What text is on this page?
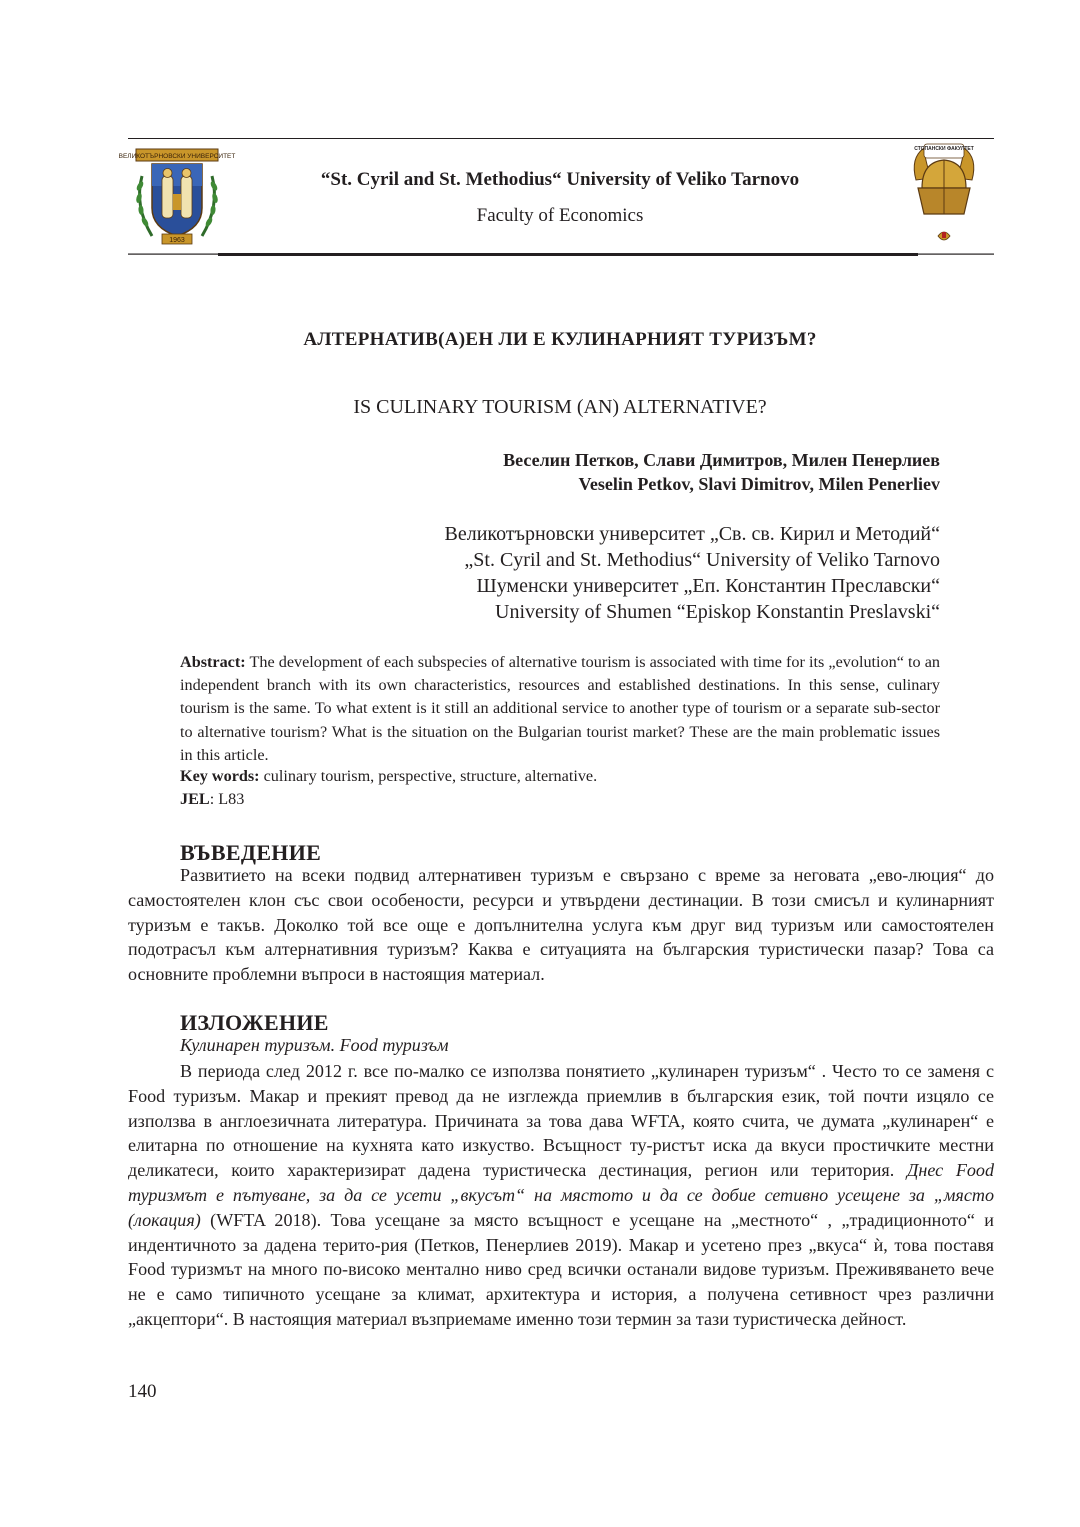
ВЕЛИКОТЪРНОВСКИ УНИВЕРСИТЕТ
1963
“St. Cyril and St. Methodius“ University of Veliko Tarnovo
Faculty of Economics
СТОПАНСКИ ФАКУЛТЕТ
АЛТЕРНАТИВ(А)ЕН ЛИ Е КУЛИНАРНИЯТ ТУРИЗЪМ?
IS CULINARY TOURISM (AN) ALTERNATIVE?
Веселин Петков, Слави Димитров, Милен Пенерлиев
Veselin Petkov, Slavi Dimitrov, Milen Penerliev
Великотърновски университет „Св. св. Кирил и Методий“
„St. Cyril and St. Methodius“ University of Veliko Tarnovo
Шуменски университет „Еп. Константин Преславски“
University of Shumen “Episkop Konstantin Preslavski“
Abstract: The development of each subspecies of alternative tourism is associated with time for its „evolution“ to an independent branch with its own characteristics, resources and established destinations. In this sense, culinary tourism is the same. To what extent is it still an additional service to another type of tourism or a separate sub-sector to alternative tourism? What is the situation on the Bulgarian tourist market? These are the main problematic issues in this article.
Key words: culinary tourism, perspective, structure, alternative.
JEL: L83
ВЪВЕДЕНИЕ

Развитието на всеки подвид алтернативен туризъм е свързано с време за неговата „ево-люция“ до самостоятелен клон със свои особености, ресурси и утвърдени дестинации. В този смисъл и кулинарният туризъм е такъв. Доколко той все още е допълнителна услуга към друг вид туризъм или самостоятелен подотрасъл към алтернативния туризъм? Каква е ситуацията на българския туристически пазар? Това са основните проблемни въпроси в настоящия материал.

ИЗЛОЖЕНИЕ
Кулинарен туризъм. Food туризъм

В периода след 2012 г. все по-малко се използва понятието „кулинарен туризъм“ . Често то се заменя с Food туризъм. Макар и прекият превод да не изглежда приемлив в българския език, той почти изцяло се използва в англоезичната литература. Причината за това дава WFTA, която счита, че думата „кулинарен“ е елитарна по отношение на кухнята като изкуство. Всъщност ту-ристът иска да вкуси простичките местни деликатеси, които характеризират дадена туристическа дестинация, регион или територия. Днес Food туризмът е пътуване, за да се усети „вкусът“ на мястото и да се добие сетивно усещене за „място (локация) (WFTA 2018). Това усещане за място всъщност е усещане на „местното“ , „традиционното“ и индентичното за дадена терито-рия (Петков, Пенерлиев 2019). Макар и усетено през „вкуса“ ѝ, това поставя Food туризмът на много по-високо ментално ниво сред всички останали видове туризъм. Преживяването вече не е само типичното усещане за климат, архитектура и история, а получена сетивност чрез различни „акцептори“. В настоящия материал възприемаме именно този термин за тази туристическа дейност.

140
